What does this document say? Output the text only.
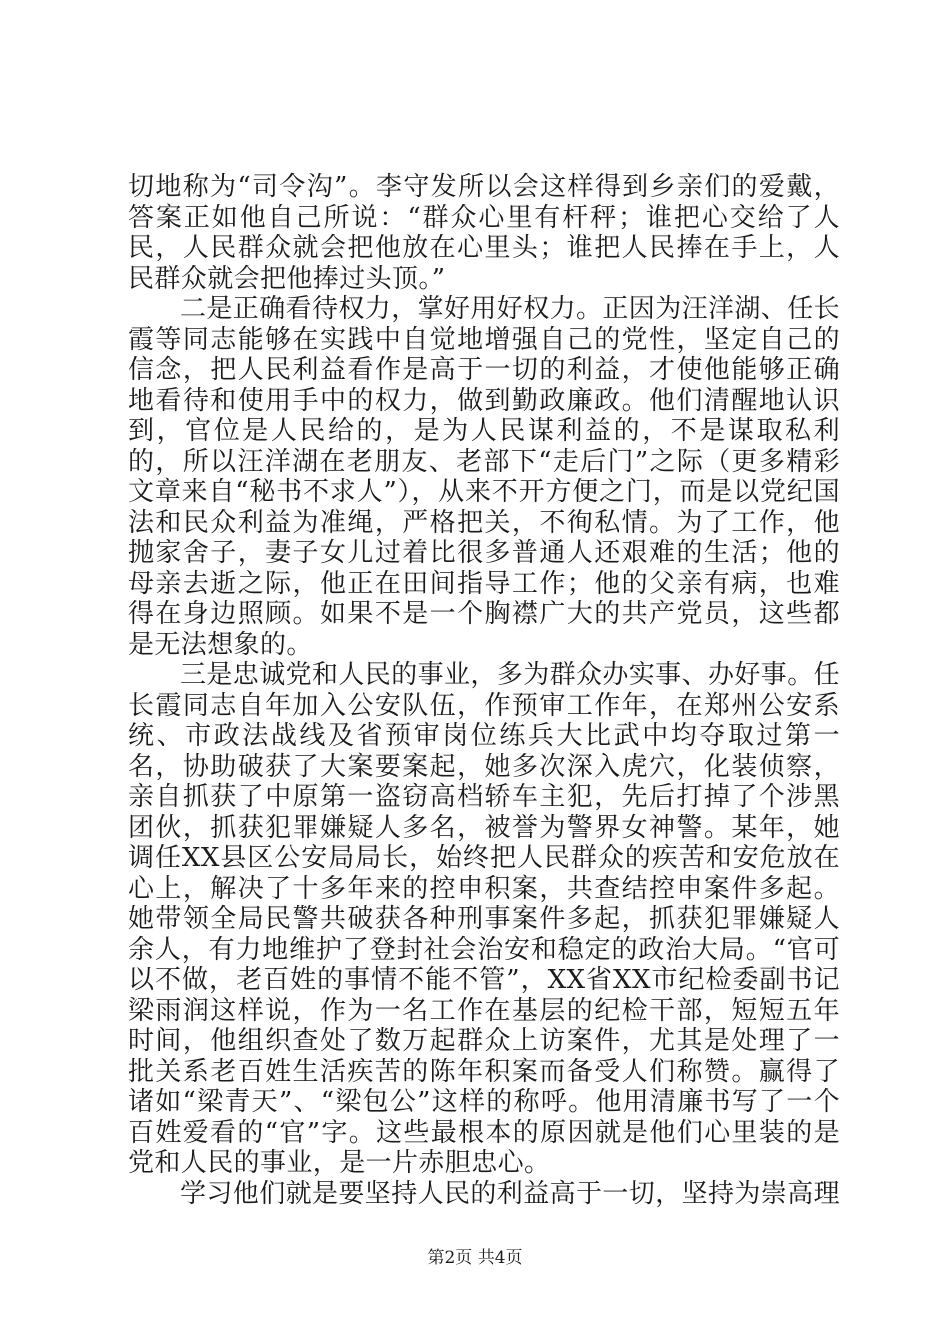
切地称为“司令沟”。李守发所以会这样得到乡亲们的爱戴，答案正如他自己所说：“群众心里有杆秤；谁把心交给了人民，人民群众就会把他放在心里头；谁把人民捧在手上，人民群众就会把他捧过头顶。”

二是正确看待权力，掌好用好权力。正因为汪洋湖、任长霞等同志能够在实践中自觉地增强自己的党性，坚定自己的信念，把人民利益看作是高于一切的利益，才使他能够正确地看待和使用手中的权力，做到勤政廉政。他们清醒地认识到，官位是人民给的，是为人民谋利益的，不是谋取私利的，所以汪洋湖在老朋友、老部下“走后门”之际（更多精彩文章来自“秘书不求人”），从来不开方便之门，而是以党纪国法和民众利益为准绳，严格把关，不徇私情。为了工作，他抛家舍子，妻子女儿过着比很多普通人还艰难的生活；他的母亲去逝之际，他正在田间指导工作；他的父亲有病，也难得在身边照顾。如果不是一个胸襟广大的共产党员，这些都是无法想象的。

三是忠诚党和人民的事业，多为群众办实事、办好事。任长霞同志自年加入公安队伍，作预审工作年，在郑州公安系统、市政法战线及省预审岗位练兵大比武中均夺取过第一名，协助破获了大案要案起，她多次深入虎穴，化装侦察，亲自抓获了中原第一盗窃高档轿车主犯，先后打掉了个涉黑团伙，抓获犯罪嫌疑人多名，被誉为警界女神警。某年，她调任XX县区公安局局长，始终把人民群众的疾苦和安危放在心上，解决了十多年来的控申积案，共查结控申案件多起。她带领全局民警共破获各种刑事案件多起，抓获犯罪嫌疑人余人，有力地维护了登封社会治安和稳定的政治大局。“官可以不做，老百姓的事情不能不管”，XX省XX市纪检委副书记梁雨润这样说，作为一名工作在基层的纪检干部，短短五年时间，他组织查处了数万起群众上访案件，尤其是处理了一批关系老百姓生活疾苦的陈年积案而备受人们称赞。赢得了诸如“梁青天”、“梁包公”这样的称呼。他用清廉书写了一个百姓爱看的“官”字。这些最根本的原因就是他们心里装的是党和人民的事业，是一片赤胆忠心。

学习他们就是要坚持人民的利益高于一切，坚持为崇高理

第2页 共4页
